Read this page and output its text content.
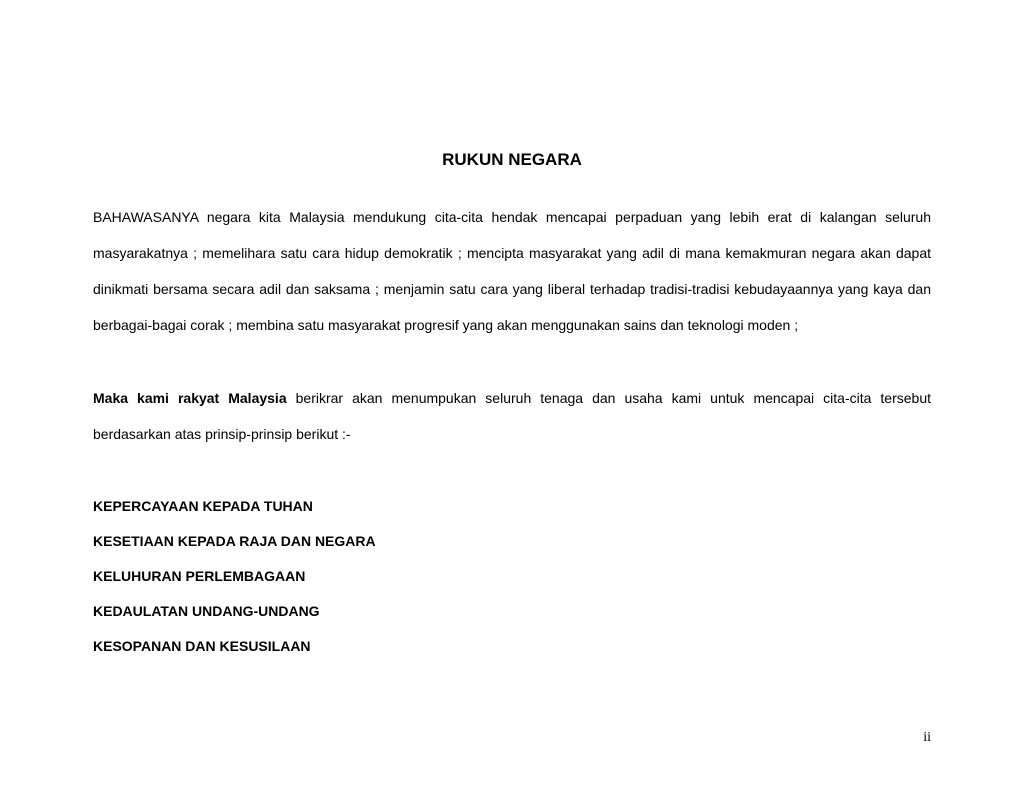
RUKUN NEGARA

BAHAWASANYA negara kita Malaysia mendukung cita-cita hendak mencapai perpaduan yang lebih erat di kalangan seluruh masyarakatnya ; memelihara satu cara hidup demokratik ; mencipta masyarakat yang adil di mana kemakmuran negara akan dapat dinikmati bersama secara adil dan saksama ; menjamin satu cara yang liberal terhadap tradisi-tradisi kebudayaannya yang kaya dan berbagai-bagai corak ; membina satu masyarakat progresif yang akan menggunakan sains dan teknologi moden ;

Maka kami rakyat Malaysia berikrar akan menumpukan seluruh tenaga dan usaha kami untuk mencapai cita-cita tersebut berdasarkan atas prinsip-prinsip berikut :-

KEPERCAYAAN KEPADA TUHAN
KESETIAAN KEPADA RAJA DAN NEGARA
KELUHURAN PERLEMBAGAAN
KEDAULATAN UNDANG-UNDANG
KESOPANAN DAN KESUSILAAN
ii
